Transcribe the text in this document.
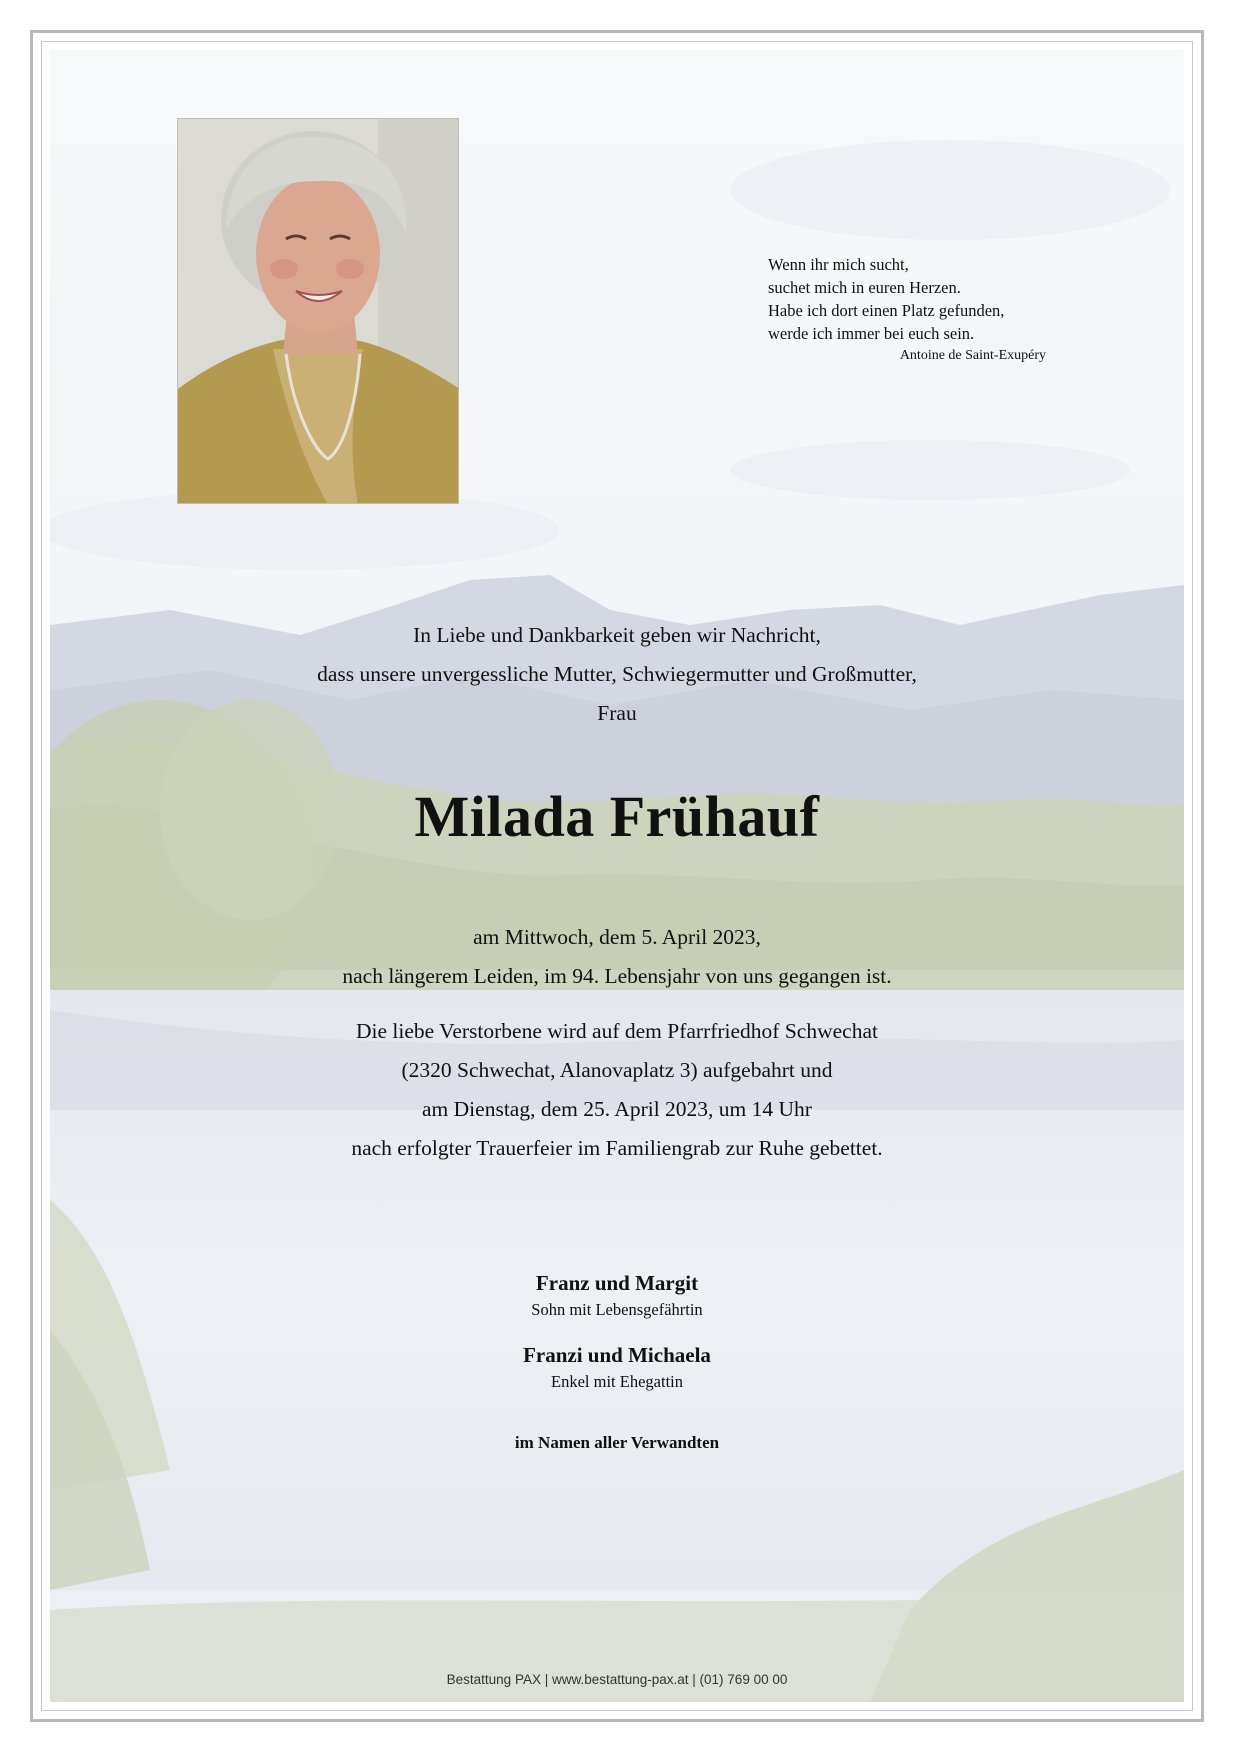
Wenn ihr mich sucht,
suchet mich in euren Herzen.
Habe ich dort einen Platz gefunden,
werde ich immer bei euch sein.
Antoine de Saint-Exupéry
In Liebe und Dankbarkeit geben wir Nachricht,
dass unsere unvergessliche Mutter, Schwiegermutter und Großmutter,
Frau
Milada Frühauf
am Mittwoch, dem 5. April 2023,
nach längerem Leiden, im 94. Lebensjahr von uns gegangen ist.
Die liebe Verstorbene wird auf dem Pfarrfriedhof Schwechat
(2320 Schwechat, Alanovaplatz 3) aufgebahrt und
am Dienstag, dem 25. April 2023, um 14 Uhr
nach erfolgter Trauerfeier im Familiengrab zur Ruhe gebettet.
Franz und Margit
Sohn mit Lebensgefährtin
Franzi und Michaela
Enkel mit Ehegattin
im Namen aller Verwandten
Bestattung PAX | www.bestattung-pax.at | (01) 769 00 00
